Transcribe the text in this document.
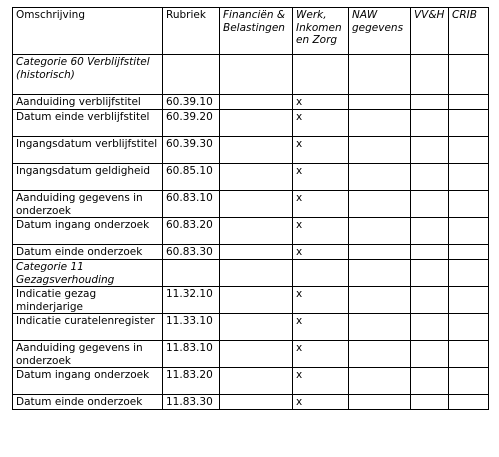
Omschrijving	Rubriek	Financiën & Belastingen	Werk, Inkomen en Zorg	NAW gegevens	VV&H	CRIB
Categorie 60 Verblijfstitel (historisch)						
Aanduiding verblijfstitel	60.39.10		x			
Datum einde verblijfstitel	60.39.20		x			
Ingangsdatum verblijfstitel	60.39.30		x			
Ingangsdatum geldigheid	60.85.10		x			
Aanduiding gegevens in onderzoek	60.83.10		x			
Datum ingang onderzoek	60.83.20		x			
Datum einde onderzoek	60.83.30		x			
Categorie 11 Gezagsverhouding						
Indicatie gezag minderjarige	11.32.10		x			
Indicatie curatelenregister	11.33.10		x			
Aanduiding gegevens in onderzoek	11.83.10		x			
Datum ingang onderzoek	11.83.20		x			
Datum einde onderzoek	11.83.30		x			
